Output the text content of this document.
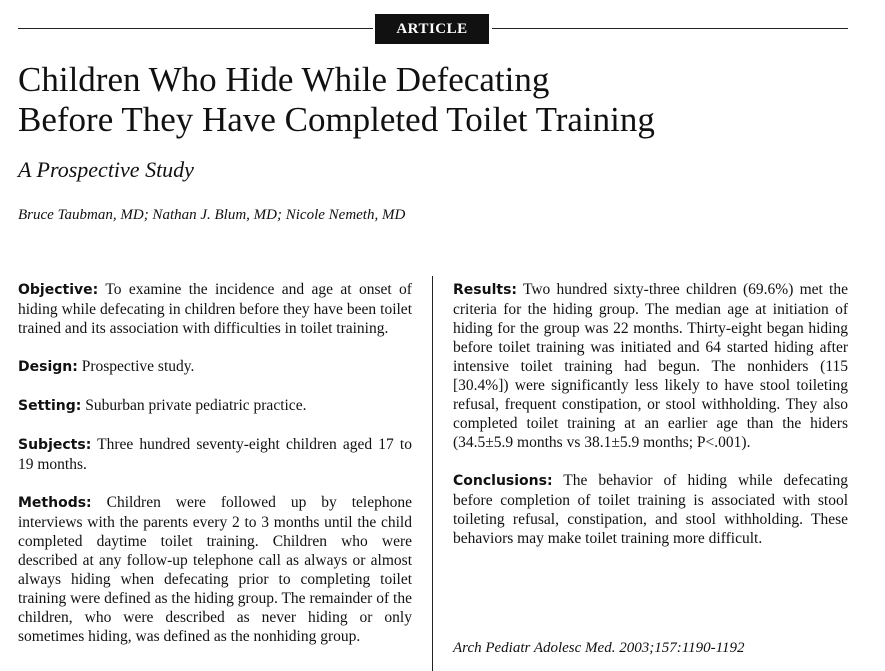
ARTICLE
Children Who Hide While Defecating
Before They Have Completed Toilet Training

A Prospective Study

Bruce Taubman, MD; Nathan J. Blum, MD; Nicole Nemeth, MD

Objective: To examine the incidence and age at onset of hiding while defecating in children before they have been toilet trained and its association with difficulties in toilet training.

Design: Prospective study.

Setting: Suburban private pediatric practice.

Subjects: Three hundred seventy-eight children aged 17 to 19 months.

Methods: Children were followed up by telephone interviews with the parents every 2 to 3 months until the child completed daytime toilet training. Children who were described at any follow-up telephone call as always or almost always hiding when defecating prior to completing toilet training were defined as the hiding group. The remainder of the children, who were described as never hiding or only sometimes hiding, was defined as the nonhiding group.

Results: Two hundred sixty-three children (69.6%) met the criteria for the hiding group. The median age at initiation of hiding for the group was 22 months. Thirty-eight began hiding before toilet training was initiated and 64 started hiding after intensive toilet training had begun. The nonhiders (115 [30.4%]) were significantly less likely to have stool toileting refusal, frequent constipation, or stool withholding. They also completed toilet training at an earlier age than the hiders (34.5±5.9 months vs 38.1±5.9 months; P<.001).

Conclusions: The behavior of hiding while defecating before completion of toilet training is associated with stool toileting refusal, constipation, and stool withholding. These behaviors may make toilet training more difficult.

Arch Pediatr Adolesc Med. 2003;157:1190-1192
